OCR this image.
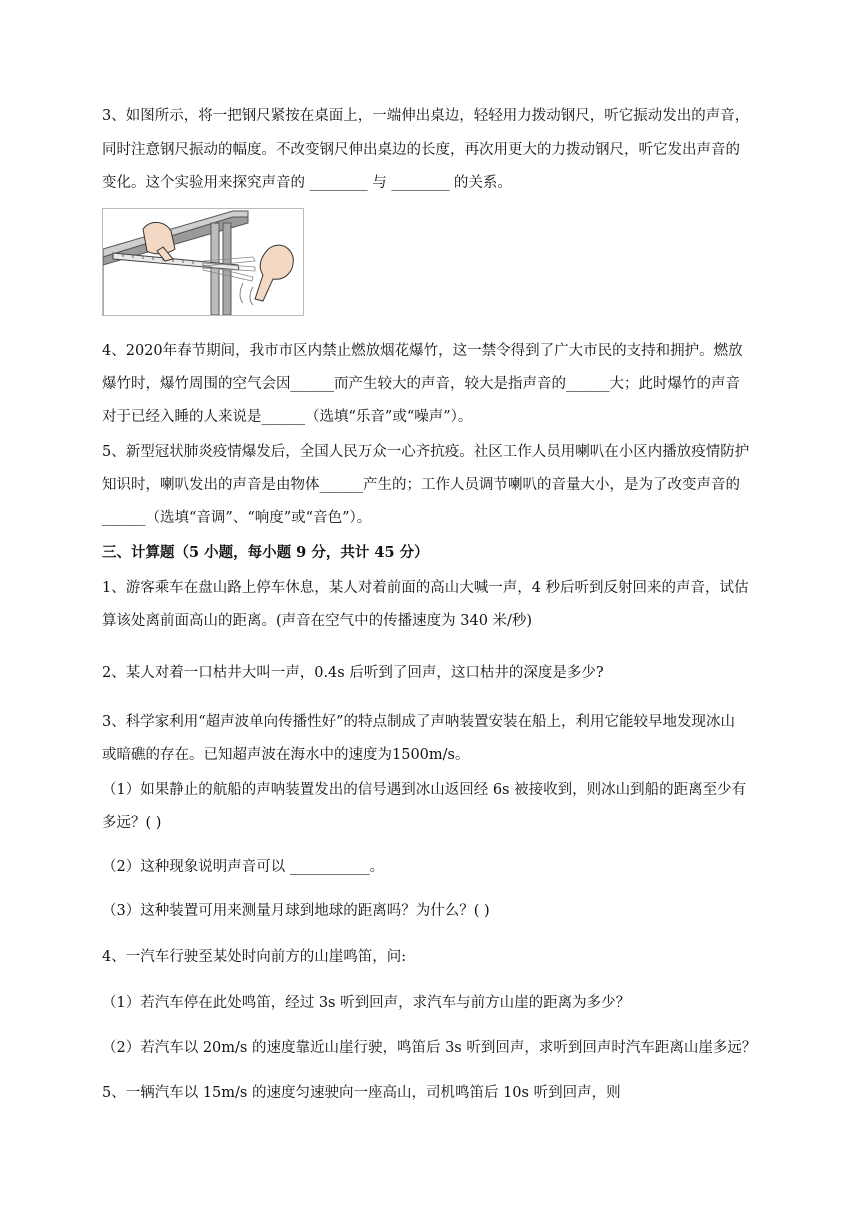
3、如图所示，将一把钢尺紧按在桌面上，一端伸出桌边，轻轻用力拨动钢尺，听它振动发出的声音，
同时注意钢尺振动的幅度。不改变钢尺伸出桌边的长度，再次用更大的力拨动钢尺，听它发出声音的
变化。这个实验用来探究声音的 ________ 与 ________ 的关系。
4、2020年春节期间，我市市区内禁止燃放烟花爆竹，这一禁令得到了广大市民的支持和拥护。燃放
爆竹时，爆竹周围的空气会因______而产生较大的声音，较大是指声音的______大；此时爆竹的声音
对于已经入睡的人来说是______（选填“乐音”或“噪声”）。
5、新型冠状肺炎疫情爆发后，全国人民万众一心齐抗疫。社区工作人员用喇叭在小区内播放疫情防护
知识时，喇叭发出的声音是由物体______产生的；工作人员调节喇叭的音量大小，是为了改变声音的
______（选填“音调”、“响度”或“音色”）。
三、计算题（5 小题，每小题 9 分，共计 45 分）
1、游客乘车在盘山路上停车休息，某人对着前面的高山大喊一声，4 秒后听到反射回来的声音，试估
算该处离前面高山的距离。(声音在空气中的传播速度为 340 米/秒)
2、某人对着一口枯井大叫一声，0.4s 后听到了回声，这口枯井的深度是多少?
3、科学家利用“超声波单向传播性好”的特点制成了声呐装置安装在船上，利用它能较早地发现冰山
或暗礁的存在。已知超声波在海水中的速度为1500m/s。
（1）如果静止的航船的声呐装置发出的信号遇到冰山返回经 6s 被接收到，则冰山到船的距离至少有
多远？( )
（2）这种现象说明声音可以 ___________。
（3）这种装置可用来测量月球到地球的距离吗？为什么？( )
4、一汽车行驶至某处时向前方的山崖鸣笛，问:
（1）若汽车停在此处鸣笛，经过 3s 听到回声，求汽车与前方山崖的距离为多少？
（2）若汽车以 20m/s 的速度靠近山崖行驶，鸣笛后 3s 听到回声，求听到回声时汽车距离山崖多远？
5、一辆汽车以 15m/s 的速度匀速驶向一座高山，司机鸣笛后 10s 听到回声，则
